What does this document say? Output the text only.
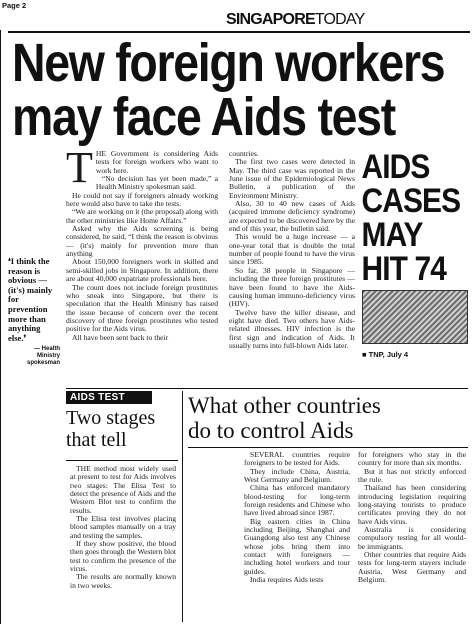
Page 2
SINGAPORETODAY
New foreign workers
may face Aids test
❛I think the reason is obvious — (it's) mainly for prevention more than anything else.❜
— Health
Ministry
spokesman
T HE Government is considering Aids tests for foreign workers who want to work here.

“No decision has yet been made,” a Health Ministry spokesman said.

He could not say if foreigners already working here would also have to take the tests.

“We are working on it (the proposal) along with the other ministries like Home Affairs.”

Asked why the Aids screening is being considered, he said, “I think the reason is obvious — (it's) mainly for prevention more than anything

About 150,000 foreigners work in skilled and semi-skilled jobs in Singapore. In addition, there are about 40,000 expatriate professionals here.

The count does not include foreign prostitutes who sneak into Singapore, but there is speculation that the Health Ministry has raised the issue because of concern over the recent discovery of three foreign prostitutes who tested positive for the Aids virus.

All have been sent back to their

countries.

The first two cases were detected in May. The third case was reported in the June issue of the Epidemiological News Bulletin, a publication of the Environment Ministry.

Also, 30 to 40 new cases of Aids (acquired immune deficiency syndrome) are expected to be discovered here by the end of this year, the bulletin said.

This would be a huge increase — a one-year total that is double the total number of people found to have the virus since 1985.

So far, 38 people in Singapore — including the three foreign prostitutes — have been found to have the Aids-causing human immuno-deficiency virus (HIV).

Twelve have the killer disease, and eight have died. Two others have Aids-related illnesses. HIV infection is the first sign and indication of Aids. It usually turns into full-blown Aids later.

AIDS
CASES
MAY
HIT 74
■ TNP, July 4
AIDS TEST
Two stages
that tell

THE method most widely used at present to test for Aids involves two stages: The Elisa Test to detect the presence of Aids and the Western Blot test to confirm the results.

The Elisa test involves placing blood samples manually on a tray and testing the samples.

If they show positive, the blood then goes through the Western blot test to confirm the presence of the virus.

The results are normally known in two weeks.

What other countries
do to control Aids

SEVERAL countries require foreigners to be tested for Aids.

They include China, Austria, West Germany and Belgium.

China has enforced mandatory blood-testing for long-term foreign residents and Chinese who have lived abroad since 1987.

Big eastern cities in China including Beijing, Shanghai and Guangdong also test any Chinese whose jobs bring them into contact with foreigners — including hotel workers and tour guides.

India requires Aids tests

for foreigners who stay in the country for more than six months.

But it has not strictly enforced the rule.

Thailand has been considering introducing legislation requiring long-staying tourists to produce certificates proving they do not have Aids virus.

Australia is considering compulsory testing for all would-be immigrants.

Other countries that require Aids tests for long-term stayers include Austria, West Germany and Belgium.
